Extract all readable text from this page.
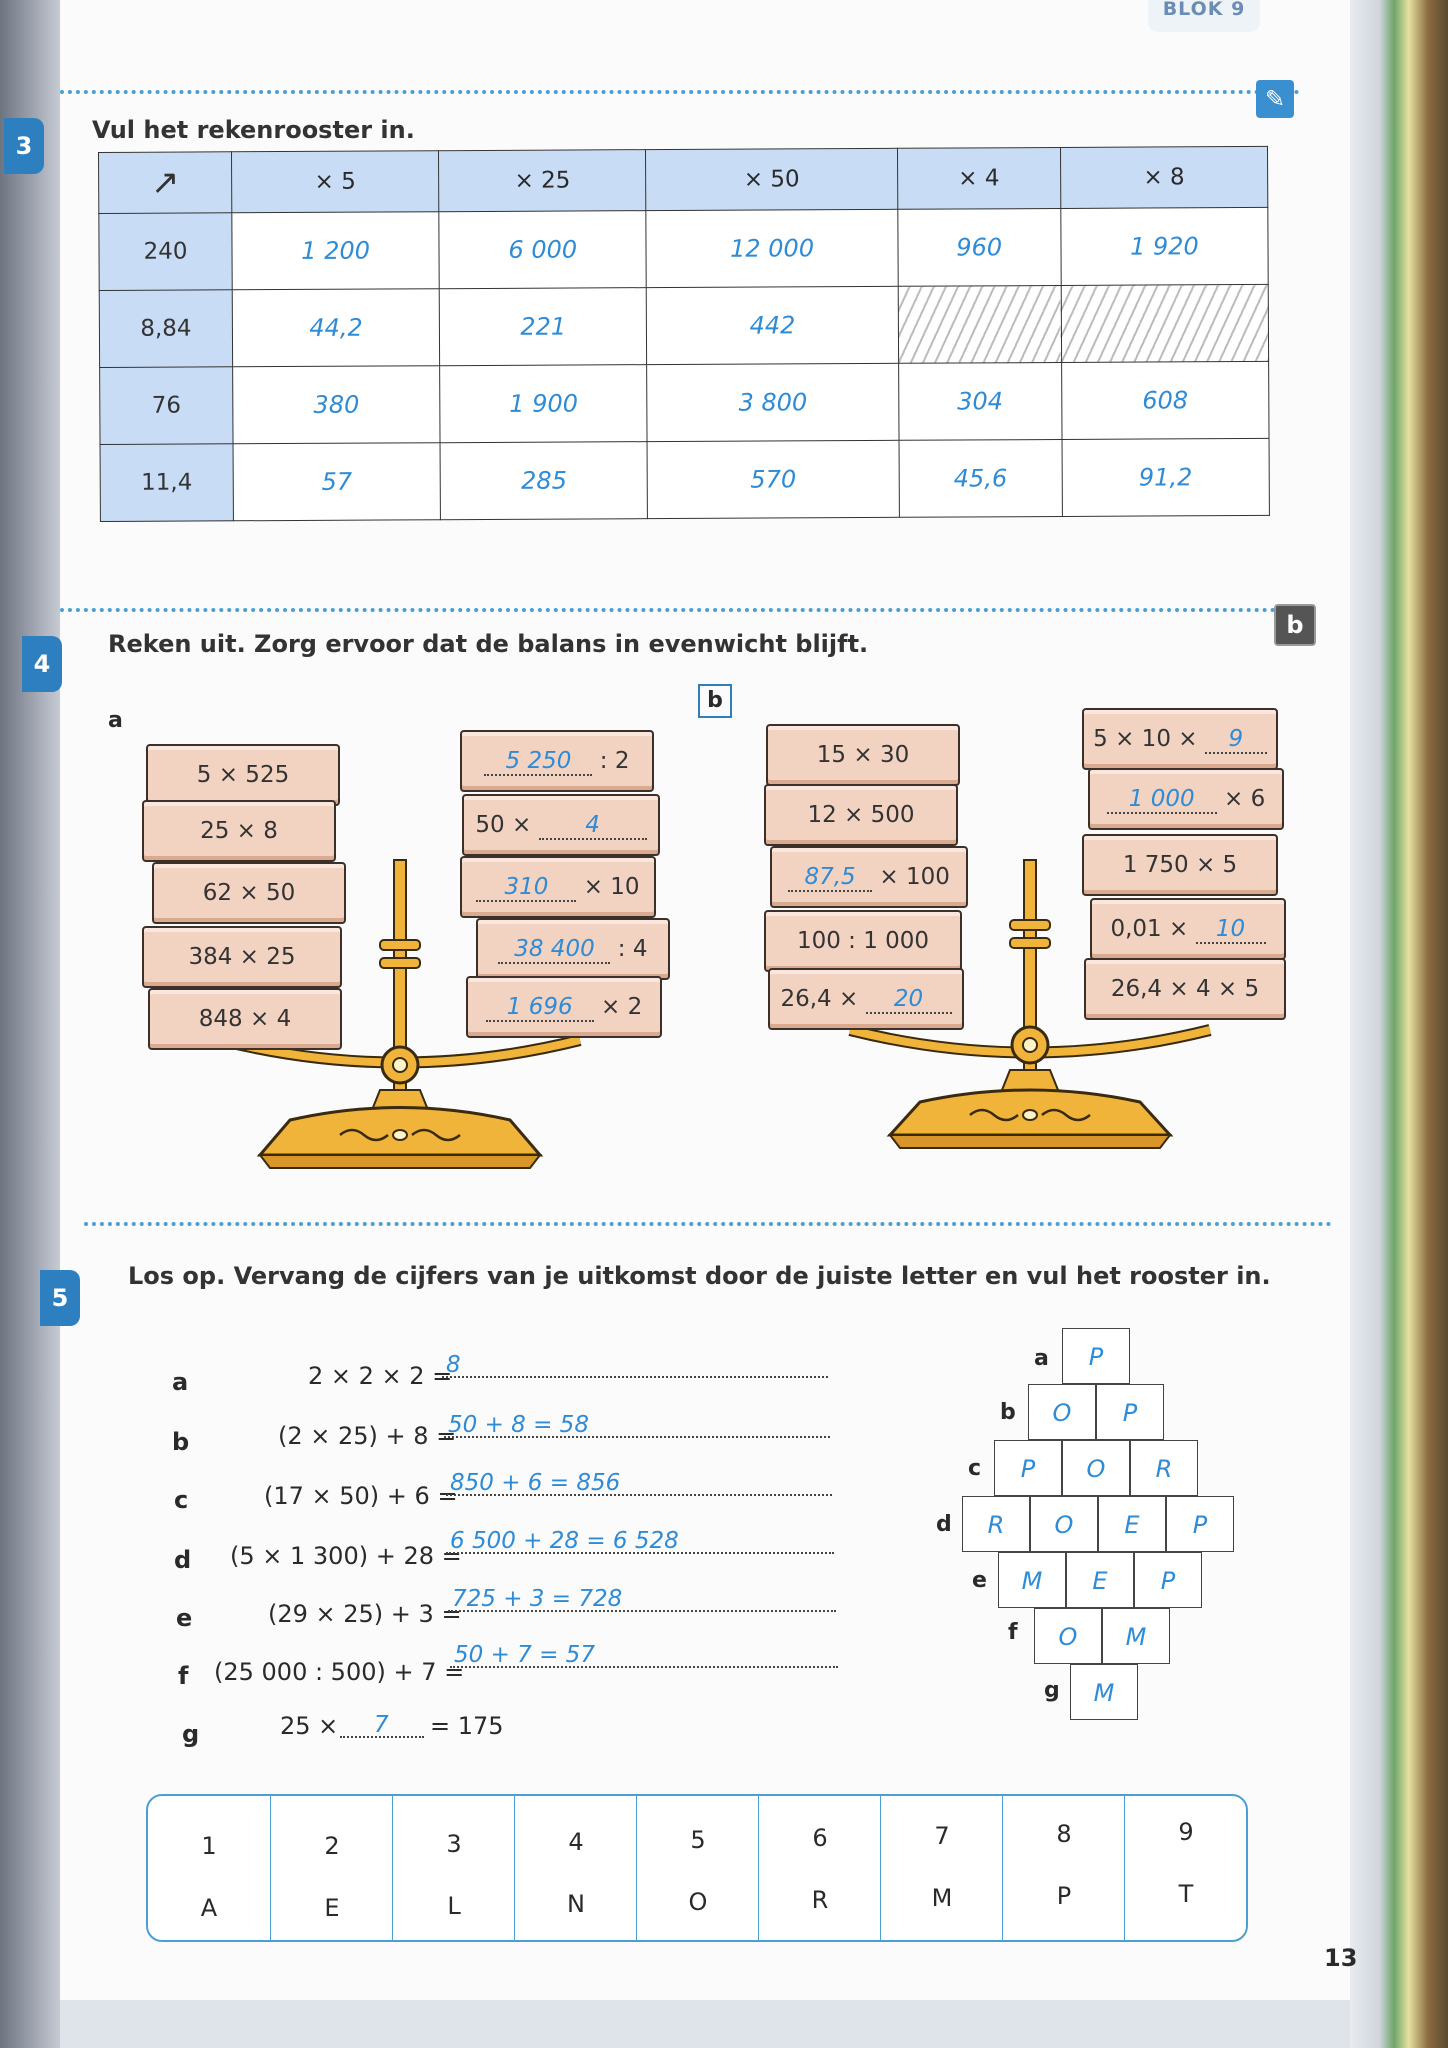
BLOK 9
3
Vul het rekenrooster in.
✎
↗	× 5	× 25	× 50	× 4	× 8
240	1 200	6 000	12 000	960	1 920
8,84	44,2	221	442		
76	380	1 900	3 800	304	608
11,4	57	285	570	45,6	91,2
4
Reken uit. Zorg ervoor dat de balans in evenwicht blijft.
b
a
b
5 × 525
25 × 8
62 × 50
384 × 25
848 × 4
5 250 : 2
50 × 4
310 × 10
38 400 : 4
1 696 × 2
15 × 30
12 × 500
87,5 × 100
100 : 1 000
26,4 × 20
5 × 10 × 9
1 000 × 6
1 750 × 5
0,01 × 10
26,4 × 4 × 5
5
Los op. Vervang de cijfers van je uitkomst door de juiste letter en vul het rooster in.
a	2 × 2 × 2 =
8
b	(2 × 25) + 8 =
50 + 8 = 58
c	(17 × 50) + 6 =
850 + 6 = 856
d (5 × 1 300) + 28 =
6 500 + 28 = 6 528
e	(29 × 25) + 3 =
725 + 3 = 728
f (25 000 : 500) + 7 =
50 + 7 = 57
g	25 × 7 = 175
a	P
b	O	P
c	P	O	R
d	R	O	E	P
e	M	E	P
f	O	M
g	M
1
A
2
E
3
L
4
N
5
O
6
R
7
M
8
P
9
T
13
